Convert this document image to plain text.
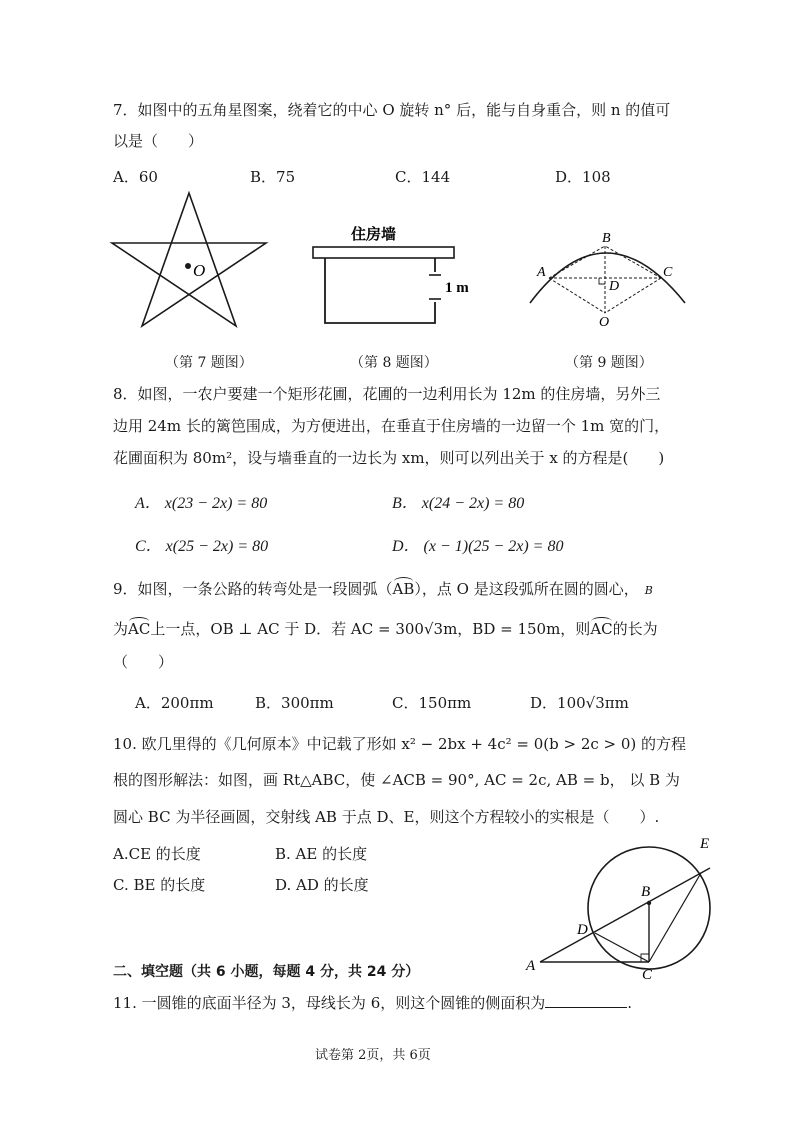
7．如图中的五角星图案，绕着它的中心 O 旋转 n° 后，能与自身重合，则 n 的值可
以是（　　）
A．60	B．75	C．144	D．108
O
（第 7 题图）
住房墙
1 m
（第 8 题图）
B
A	C
D
O
（第 9 题图）
8．如图，一农户要建一个矩形花圃，花圃的一边利用长为 12m 的住房墙，另外三
边用 24m 长的篱笆围成，为方便进出，在垂直于住房墙的一边留一个 1m 宽的门，
花圃面积为 80m²，设与墙垂直的一边长为 xm，则可以列出关于 x 的方程是(　　)
A． x(23 − 2x) = 80	B． x(24 − 2x) = 80
C． x(25 − 2x) = 80	D． (x − 1)(25 − 2x) = 80
9．如图，一条公路的转弯处是一段圆弧（AB），点 O 是这段弧所在圆的圆心， B
为AC上一点，OB ⊥ AC 于 D．若 AC = 300√3m，BD = 150m，则AC的长为
（　　）
A．200πm	B．300πm	C．150πm	D．100√3πm
10. 欧几里得的《几何原本》中记载了形如 x² − 2bx + 4c² = 0(b > 2c > 0) 的方程
根的图形解法：如图，画 Rt△ABC，使 ∠ACB = 90°, AC = 2c, AB = b， 以 B 为
圆心 BC 为半径画圆，交射线 AB 于点 D、E，则这个方程较小的实根是（　　）.
A.CE 的长度	B. AE 的长度
C. BE 的长度	D. AD 的长度
A
B
C
D
E
二、填空题（共 6 小题，每题 4 分，共 24 分）
11. 一圆锥的底面半径为 3，母线长为 6，则这个圆锥的侧面积为	.
试卷第 2页，共 6页
